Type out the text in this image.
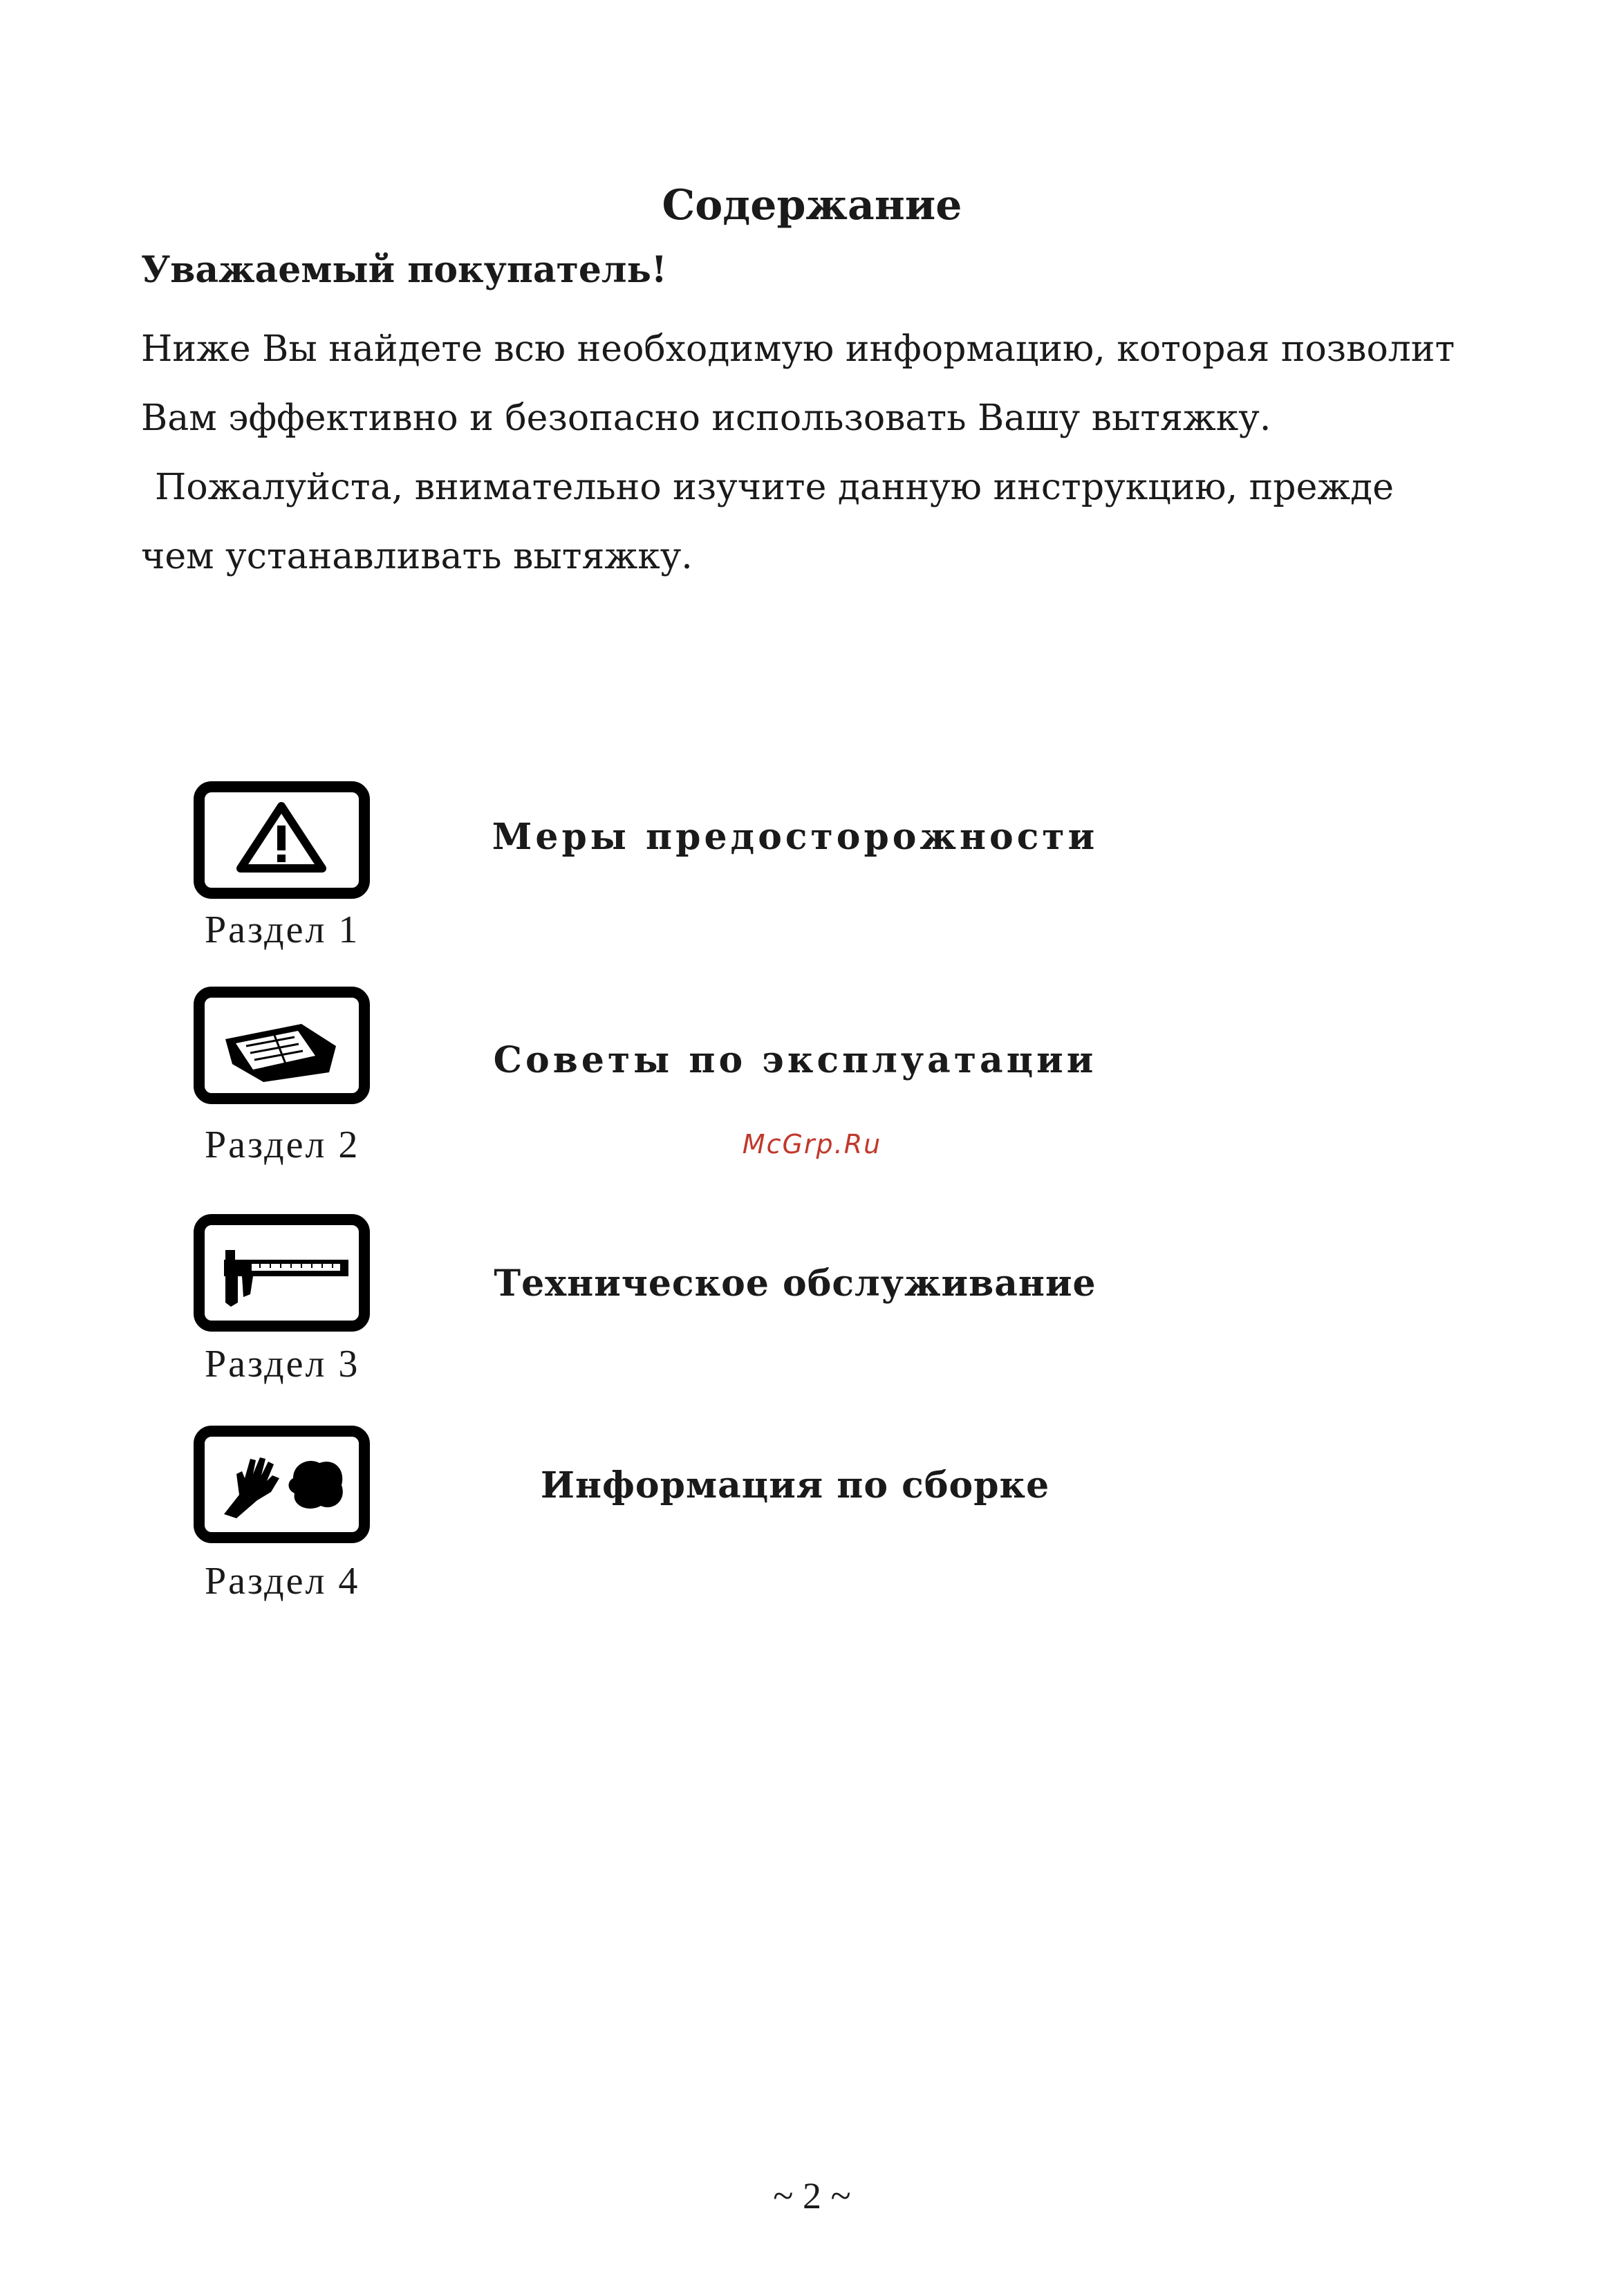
Содержание

Уважаемый покупатель!

Ниже Вы найдете всю необходимую информацию, которая позволит
Вам эффективно и безопасно использовать Вашу вытяжку.
Пожалуйста, внимательно изучите данную инструкцию, прежде
чем устанавливать вытяжку.
Раздел 1
Меры предосторожности
Раздел 2
Советы по эксплуатации
McGrp.Ru
Раздел 3
Техническое обслуживание
Раздел 4
Информация по сборке
~ 2 ~
